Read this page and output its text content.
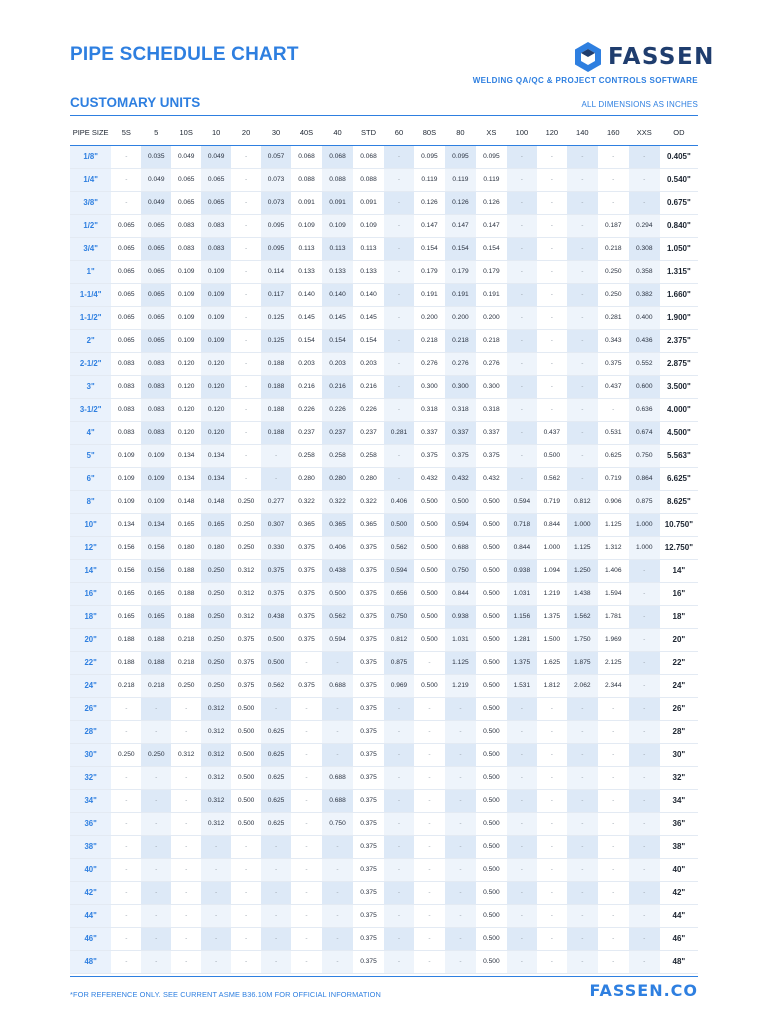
PIPE SCHEDULE CHART	FASSEN
WELDING QA/QC & PROJECT CONTROLS SOFTWARE
CUSTOMARY UNITS	ALL DIMENSIONS AS INCHES
PIPE SIZE	5S	5	10S	10	20	30	40S	40	STD	60	80S	80	XS	100	120	140	160	XXS	OD
1/8"	-	0.035	0.049	0.049	-	0.057	0.068	0.068	0.068	-	0.095	0.095	0.095	-	-	-	-	-	0.405"
1/4"	-	0.049	0.065	0.065	-	0.073	0.088	0.088	0.088	-	0.119	0.119	0.119	-	-	-	-	-	0.540"
3/8"	-	0.049	0.065	0.065	-	0.073	0.091	0.091	0.091	-	0.126	0.126	0.126	-	-	-	-	-	0.675"
1/2"	0.065	0.065	0.083	0.083	-	0.095	0.109	0.109	0.109	-	0.147	0.147	0.147	-	-	-	0.187	0.294	0.840"
3/4"	0.065	0.065	0.083	0.083	-	0.095	0.113	0.113	0.113	-	0.154	0.154	0.154	-	-	-	0.218	0.308	1.050"
1"	0.065	0.065	0.109	0.109	-	0.114	0.133	0.133	0.133	-	0.179	0.179	0.179	-	-	-	0.250	0.358	1.315"
1-1/4"	0.065	0.065	0.109	0.109	-	0.117	0.140	0.140	0.140	-	0.191	0.191	0.191	-	-	-	0.250	0.382	1.660"
1-1/2"	0.065	0.065	0.109	0.109	-	0.125	0.145	0.145	0.145	-	0.200	0.200	0.200	-	-	-	0.281	0.400	1.900"
2"	0.065	0.065	0.109	0.109	-	0.125	0.154	0.154	0.154	-	0.218	0.218	0.218	-	-	-	0.343	0.436	2.375"
2-1/2"	0.083	0.083	0.120	0.120	-	0.188	0.203	0.203	0.203	-	0.276	0.276	0.276	-	-	-	0.375	0.552	2.875"
3"	0.083	0.083	0.120	0.120	-	0.188	0.216	0.216	0.216	-	0.300	0.300	0.300	-	-	-	0.437	0.600	3.500"
3-1/2"	0.083	0.083	0.120	0.120	-	0.188	0.226	0.226	0.226	-	0.318	0.318	0.318	-	-	-	-	0.636	4.000"
4"	0.083	0.083	0.120	0.120	-	0.188	0.237	0.237	0.237	0.281	0.337	0.337	0.337	-	0.437	-	0.531	0.674	4.500"
5"	0.109	0.109	0.134	0.134	-	-	0.258	0.258	0.258	-	0.375	0.375	0.375	-	0.500	-	0.625	0.750	5.563"
6"	0.109	0.109	0.134	0.134	-	-	0.280	0.280	0.280	-	0.432	0.432	0.432	-	0.562	-	0.719	0.864	6.625"
8"	0.109	0.109	0.148	0.148	0.250	0.277	0.322	0.322	0.322	0.406	0.500	0.500	0.500	0.594	0.719	0.812	0.906	0.875	8.625"
10"	0.134	0.134	0.165	0.165	0.250	0.307	0.365	0.365	0.365	0.500	0.500	0.594	0.500	0.718	0.844	1.000	1.125	1.000	10.750"
12"	0.156	0.156	0.180	0.180	0.250	0.330	0.375	0.406	0.375	0.562	0.500	0.688	0.500	0.844	1.000	1.125	1.312	1.000	12.750"
14"	0.156	0.156	0.188	0.250	0.312	0.375	0.375	0.438	0.375	0.594	0.500	0.750	0.500	0.938	1.094	1.250	1.406	-	14"
16"	0.165	0.165	0.188	0.250	0.312	0.375	0.375	0.500	0.375	0.656	0.500	0.844	0.500	1.031	1.219	1.438	1.594	-	16"
18"	0.165	0.165	0.188	0.250	0.312	0.438	0.375	0.562	0.375	0.750	0.500	0.938	0.500	1.156	1.375	1.562	1.781	-	18"
20"	0.188	0.188	0.218	0.250	0.375	0.500	0.375	0.594	0.375	0.812	0.500	1.031	0.500	1.281	1.500	1.750	1.969	-	20"
22"	0.188	0.188	0.218	0.250	0.375	0.500	-	-	0.375	0.875	-	1.125	0.500	1.375	1.625	1.875	2.125	-	22"
24"	0.218	0.218	0.250	0.250	0.375	0.562	0.375	0.688	0.375	0.969	0.500	1.219	0.500	1.531	1.812	2.062	2.344	-	24"
26"	-	-	-	0.312	0.500	-	-	-	0.375	-	-	-	0.500	-	-	-	-	-	26"
28"	-	-	-	0.312	0.500	0.625	-	-	0.375	-	-	-	0.500	-	-	-	-	-	28"
30"	0.250	0.250	0.312	0.312	0.500	0.625	-	-	0.375	-	-	-	0.500	-	-	-	-	-	30"
32"	-	-	-	0.312	0.500	0.625	-	0.688	0.375	-	-	-	0.500	-	-	-	-	-	32"
34"	-	-	-	0.312	0.500	0.625	-	0.688	0.375	-	-	-	0.500	-	-	-	-	-	34"
36"	-	-	-	0.312	0.500	0.625	-	0.750	0.375	-	-	-	0.500	-	-	-	-	-	36"
38"	-	-	-	-	-	-	-	-	0.375	-	-	-	0.500	-	-	-	-	-	38"
40"	-	-	-	-	-	-	-	-	0.375	-	-	-	0.500	-	-	-	-	-	40"
42"	-	-	-	-	-	-	-	-	0.375	-	-	-	0.500	-	-	-	-	-	42"
44"	-	-	-	-	-	-	-	-	0.375	-	-	-	0.500	-	-	-	-	-	44"
46"	-	-	-	-	-	-	-	-	0.375	-	-	-	0.500	-	-	-	-	-	46"
48"	-	-	-	-	-	-	-	-	0.375	-	-	-	0.500	-	-	-	-	-	48"
*FOR REFERENCE ONLY. SEE CURRENT ASME B36.10M FOR OFFICIAL INFORMATION	FASSEN.CO
